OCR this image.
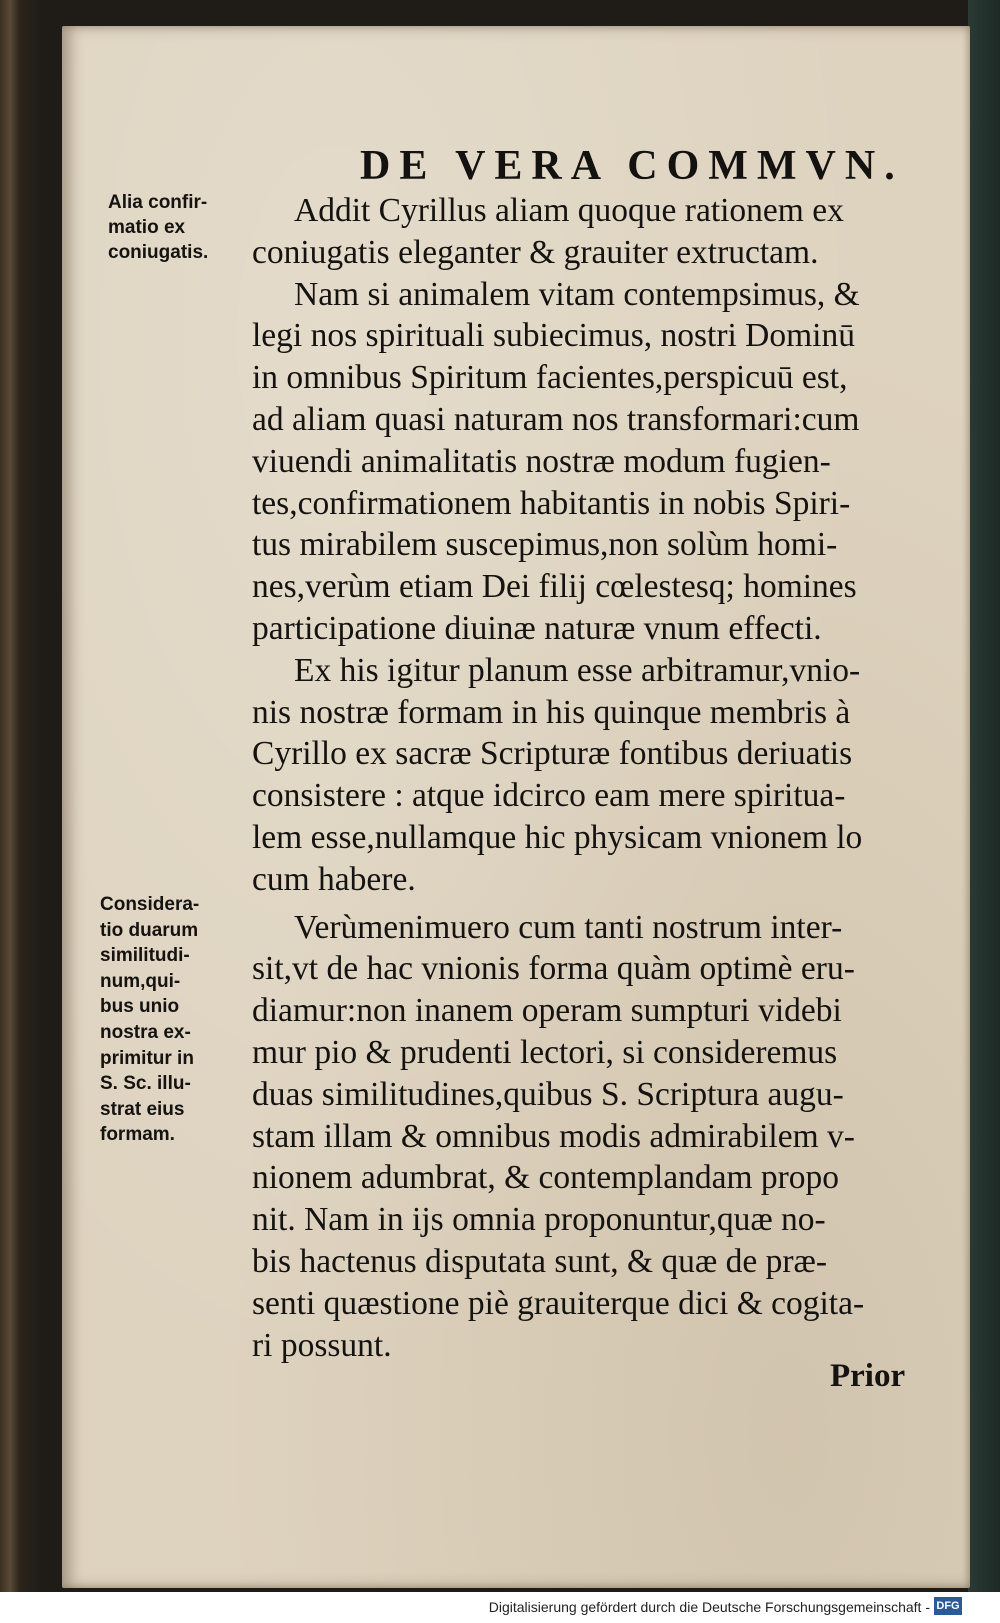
DE VERA COMMVN.
Alia confir-
matio ex
coniugatis.
Considera-
tio duarum
similitudi-
num,qui-
bus unio
nostra ex-
primitur in
S. Sc. illu-
strat eius
formam.
Addit Cyrillus aliam quoque rationem ex
coniugatis eleganter & grauiter extructam.
Nam si animalem vitam contempsimus, &
legi nos spirituali subiecimus, nostri Dominū
in omnibus Spiritum facientes,perspicuū est,
ad aliam quasi naturam nos transformari:cum
viuendi animalitatis nostræ modum fugien-
tes,confirmationem habitantis in nobis Spiri-
tus mirabilem suscepimus,non solùm homi-
nes,verùm etiam Dei filij cœlestesq; homines
participatione diuinæ naturæ vnum effecti.
Ex his igitur planum esse arbitramur,vnio-
nis nostræ formam in his quinque membris à
Cyrillo ex sacræ Scripturæ fontibus deriuatis
consistere : atque idcirco eam mere spiritua-
lem esse,nullamque hic physicam vnionem lo
cum habere.
Verùmenimuero cum tanti nostrum inter-
sit,vt de hac vnionis forma quàm optimè eru-
diamur:non inanem operam sumpturi videbi
mur pio & prudenti lectori, si consideremus
duas similitudines,quibus S. Scriptura augu-
stam illam & omnibus modis admirabilem v-
nionem adumbrat, & contemplandam propo
nit. Nam in ijs omnia proponuntur,quæ no-
bis hactenus disputata sunt, & quæ de præ-
senti quæstione piè grauiterque dici & cogita-
ri possunt.
Prior
Digitalisierung gefördert durch die Deutsche Forschungsgemeinschaft - DFG
